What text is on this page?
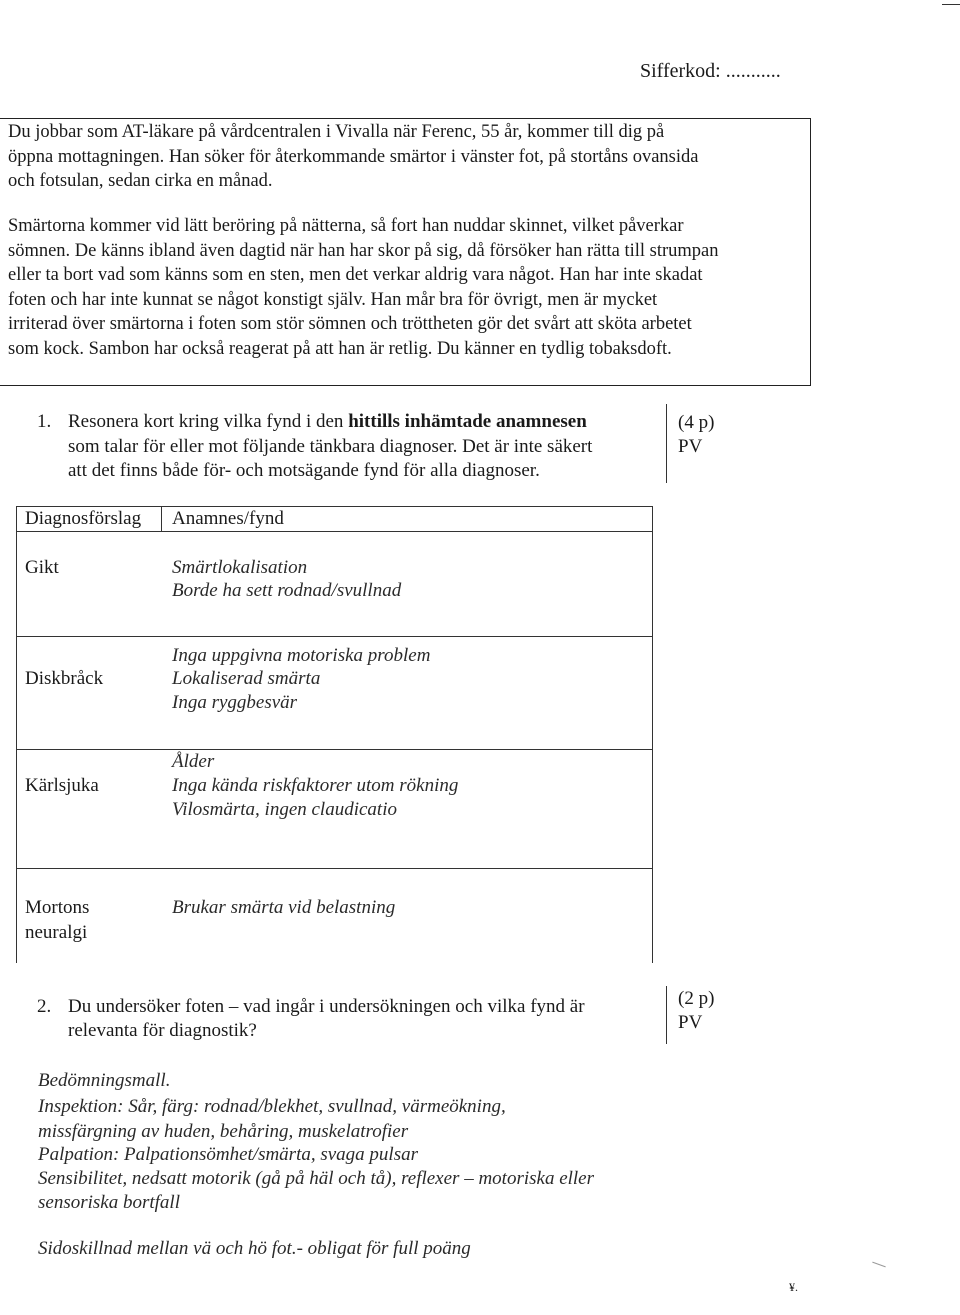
Sifferkod: ...........
Du jobbar som AT-läkare på vårdcentralen i Vivalla när Ferenc, 55 år, kommer till dig på
öppna mottagningen. Han söker för återkommande smärtor i vänster fot, på stortåns ovansida
och fotsulan, sedan cirka en månad.
Smärtorna kommer vid lätt beröring på nätterna, så fort han nuddar skinnet, vilket påverkar
sömnen. De känns ibland även dagtid när han har skor på sig, då försöker han rätta till strumpan
eller ta bort vad som känns som en sten, men det verkar aldrig vara något. Han har inte skadat
foten och har inte kunnat se något konstigt själv. Han mår bra för övrigt, men är mycket
irriterad över smärtorna i foten som stör sömnen och tröttheten gör det svårt att sköta arbetet
som kock. Sambon har också reagerat på att han är retlig. Du känner en tydlig tobaksdoft.
1. Resonera kort kring vilka fynd i den hittills inhämtade anamnesen
som talar för eller mot följande tänkbara diagnoser. Det är inte säkert
att det finns både för- och motsägande fynd för alla diagnoser.
(4 p)
PV
Diagnosförslag Anamnes/fynd
Gikt	Smärtlokalisation
Borde ha sett rodnad/svullnad
Diskbråck
Inga uppgivna motoriska problem
Lokaliserad smärta
Inga ryggbesvär
Kärlsjuka
Ålder
Inga kända riskfaktorer utom rökning
Vilosmärta, ingen claudicatio
Mortons
neuralgi
Brukar smärta vid belastning
2. Du undersöker foten – vad ingår i undersökningen och vilka fynd är
relevanta för diagnostik?
(2 p)
PV
Bedömningsmall.
Inspektion: Sår, färg: rodnad/blekhet, svullnad, värmeökning,
missfärgning av huden, behåring, muskelatrofier
Palpation: Palpationsömhet/smärta, svaga pulsar
Sensibilitet, nedsatt motorik (gå på häl och tå), reflexer – motoriska eller
sensoriska bortfall
Sidoskillnad mellan vä och hö fot.- obligat för full poäng
¥.
